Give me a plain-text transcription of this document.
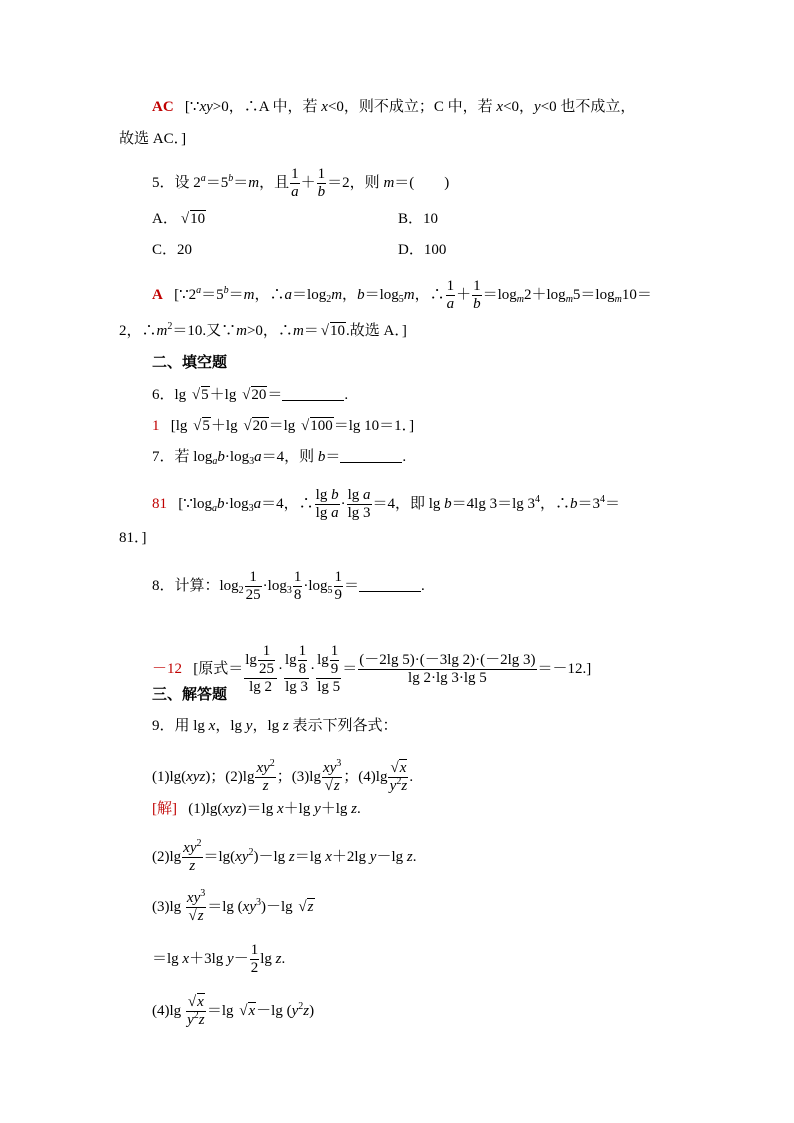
AC   [∵xy>0，∴A 中，若 x<0，则不成立；C 中，若 x<0，y<0 也不成立，
故选 AC．]
5．设 $2^a=5^b=m$，且 $\frac{1}{a} + \frac{1}{b} =2$，则 m＝(　　)
A． √ 10	B．10
C．20	D．100
A   [$\because 2^a=5^b=m$，$\therefore a=\log_2m$，$b=\log_5m$，∴ $\frac{1}{a} + \frac{1}{b} =\log_m2+\log_m5=\log_m10=$
2，$\therefore m^2=10$.又∵m>0，∴m＝ √ 10.故选 A．]
二、填空题
6．lg √ 5＋lg √ 20＝	.
1   [lg √ 5＋lg √ 20＝lg √ 100＝lg 10＝1．]
7．若 $\log_ab\cdot\log_3a=4$，则 b＝	.
81   [$\because\log_ab\cdot\log_3a=4$，∴ $\frac{\text{lg b}}{\text{lg a}} \cdot \frac{\text{lg a}}{\lg 3} =4$，即 lg b＝4lg 3＝lg $3^4$，$\therefore b=3^4=$
81．]
8．计算：$\log_2 \frac{1}{25} \cdot\log_3 \frac{1}{8} \cdot\log_5 \frac{1}{9}$ ＝	.
－12   [原式＝ $\frac{\lg \frac{1}{25}}{\lg 2} \cdot \frac{\lg \frac{1}{8}}{\lg 3} \cdot \frac{\lg \frac{1}{9}}{\lg 5} = \frac{(-2\lg 5)\cdot(-3\lg 2)\cdot(-2\lg 3)}{\lg 2\cdot\lg 3\cdot\lg 5} =-12$.]
三、解答题
9．用 lg x，lg y，lg z 表示下列各式：
(1)lg(xyz)；$(2)\lg \frac{xy^2}{z}$ ；(3)lg $xy^3$
√ z ；(4)lg √ $\frac{x}{y^2z}$ .
[解]   (1)lg(xyz)＝lg x＋lg y＋lg z.
$(2)\lg \frac{xy^2}{z} =\lg(xy^2)-\lg$ z＝lg x＋2lg y－lg z.
(3)lg $xy^3$
√ z ＝lg $(xy^3)-\lg$ √ z
＝lg x＋3lg $y- \frac{1}{2}$ lg z.
(4)lg √ $\frac{x}{y^2z} =\lg$ √ x－lg $(y^2z)$
